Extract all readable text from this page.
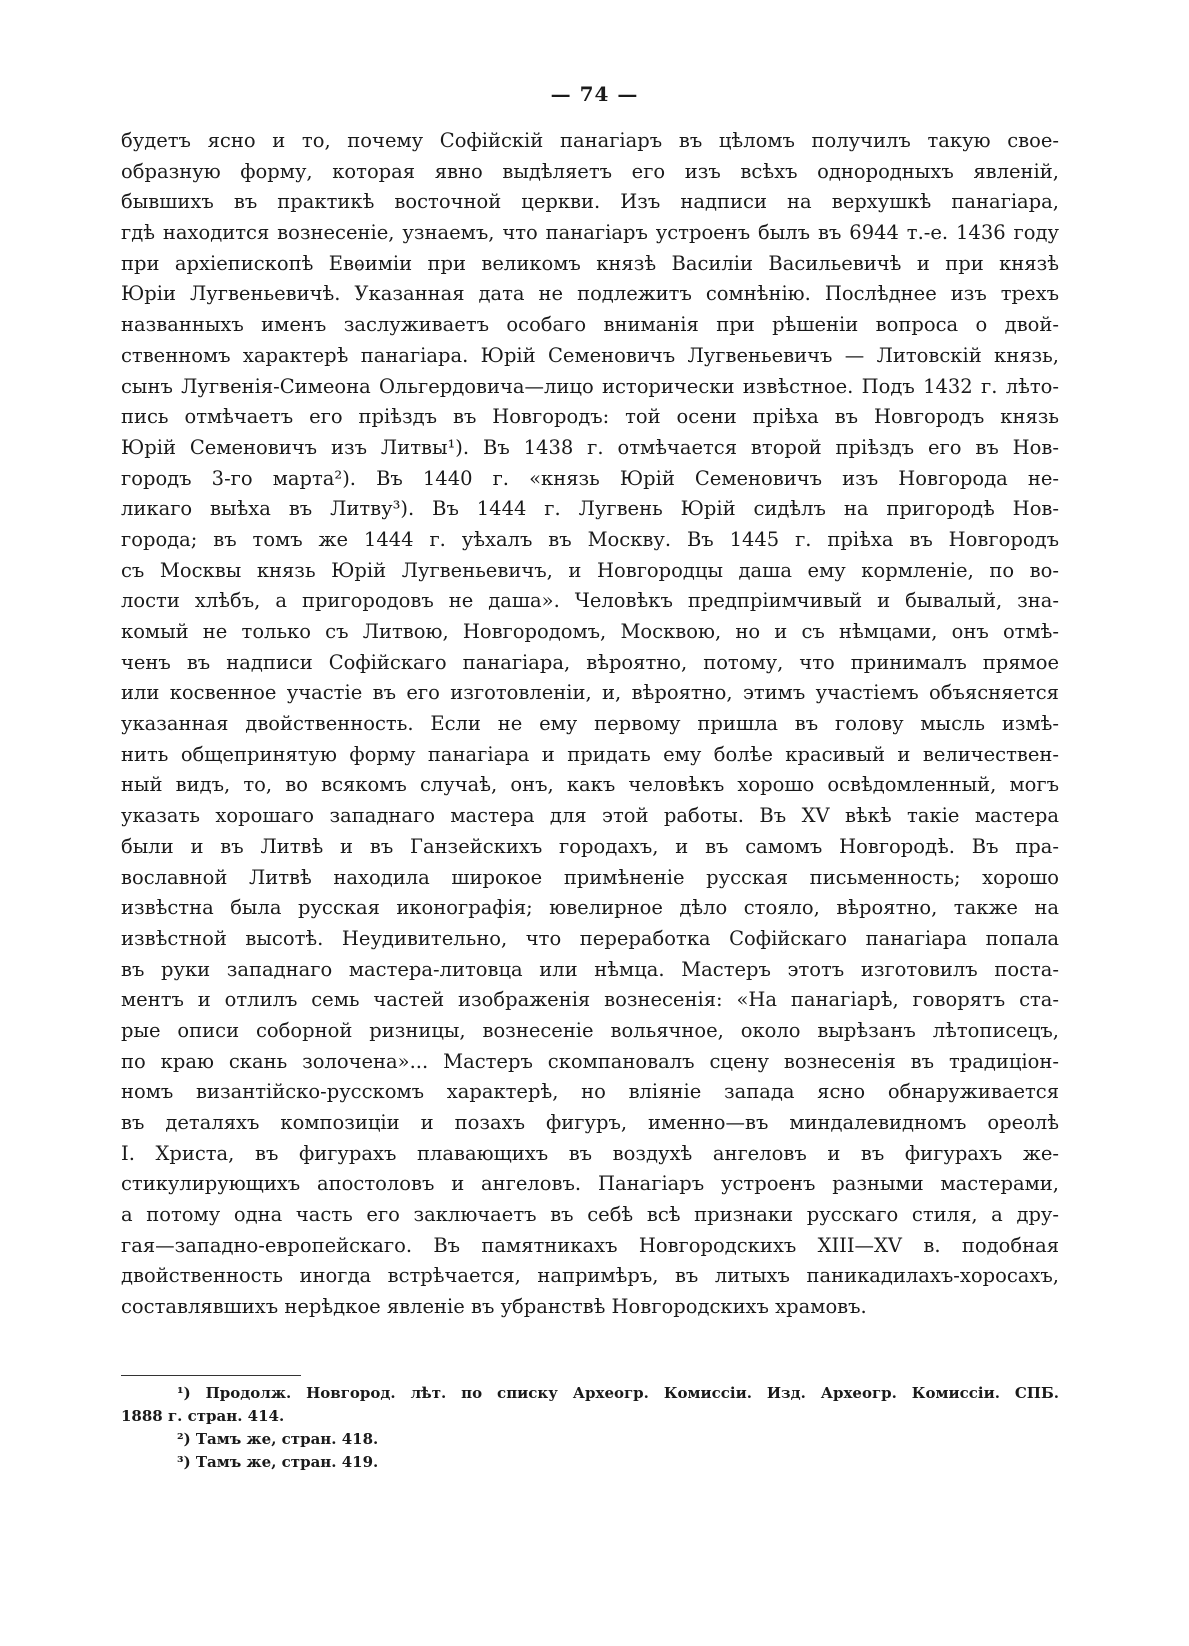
— 74 —
будетъ ясно и то, почему Софійскій панагіаръ въ цѣломъ получилъ такую свое-
образную форму, которая явно выдѣляетъ его изъ всѣхъ однородныхъ явленій,
бывшихъ въ практикѣ восточной церкви. Изъ надписи на верхушкѣ панагіара,
гдѣ находится вознесеніе, узнаемъ, что панагіаръ устроенъ былъ въ 6944 т.-е. 1436 году
при архіепископѣ Евѳиміи при великомъ князѣ Василіи Васильевичѣ и при князѣ
Юріи Лугвеньевичѣ. Указанная дата не подлежитъ сомнѣнію. Послѣднее изъ трехъ
названныхъ именъ заслуживаетъ особаго вниманія при рѣшеніи вопроса о двой-
ственномъ характерѣ панагіара. Юрій Семеновичъ Лугвеньевичъ — Литовскій князь,
сынъ Лугвенія-Симеона Ольгердовича—лицо исторически извѣстное. Подъ 1432 г. лѣто-
пись отмѣчаетъ его пріѣздъ въ Новгородъ: той осени пріѣха въ Новгородъ князь
Юрій Семеновичъ изъ Литвы¹). Въ 1438 г. отмѣчается второй пріѣздъ его въ Нов-
городъ 3-го марта²). Въ 1440 г. «князь Юрій Семеновичъ изъ Новгорода не-
ликаго выѣха въ Литву³). Въ 1444 г. Лугвень Юрій сидѣлъ на пригородѣ Нов-
города; въ томъ же 1444 г. уѣхалъ въ Москву. Въ 1445 г. пріѣха въ Новгородъ
съ Москвы князь Юрій Лугвеньевичъ, и Новгородцы даша ему кормленіе, по во-
лости хлѣбъ, а пригородовъ не даша». Человѣкъ предпріимчивый и бывалый, зна-
комый не только съ Литвою, Новгородомъ, Москвою, но и съ нѣмцами, онъ отмѣ-
ченъ въ надписи Софійскаго панагіара, вѣроятно, потому, что принималъ прямое
или косвенное участіе въ его изготовленіи, и, вѣроятно, этимъ участіемъ объясняется
указанная двойственность. Если не ему первому пришла въ голову мысль измѣ-
нить общепринятую форму панагіара и придать ему болѣе красивый и величествен-
ный видъ, то, во всякомъ случаѣ, онъ, какъ человѣкъ хорошо освѣдомленный, могъ
указать хорошаго западнаго мастера для этой работы. Въ XV вѣкѣ такіе мастера
были и въ Литвѣ и въ Ганзейскихъ городахъ, и въ самомъ Новгородѣ. Въ пра-
вославной Литвѣ находила широкое примѣненіе русская письменность; хорошо
извѣстна была русская иконографія; ювелирное дѣло стояло, вѣроятно, также на
извѣстной высотѣ. Неудивительно, что переработка Софійскаго панагіара попала
въ руки западнаго мастера-литовца или нѣмца. Мастеръ этотъ изготовилъ поста-
ментъ и отлилъ семь частей изображенія вознесенія: «На панагіарѣ, говорятъ ста-
рые описи соборной ризницы, вознесеніе вольячное, около вырѣзанъ лѣтописецъ,
по краю скань золочена»... Мастеръ скомпановалъ сцену вознесенія въ традиціон-
номъ византійско-русскомъ характерѣ, но вліяніе запада ясно обнаруживается
въ деталяхъ композиціи и позахъ фигуръ, именно—въ миндалевидномъ ореолѣ
І. Христа, въ фигурахъ плавающихъ въ воздухѣ ангеловъ и въ фигурахъ же-
стикулирующихъ апостоловъ и ангеловъ. Панагіаръ устроенъ разными мастерами,
а потому одна часть его заключаетъ въ себѣ всѣ признаки русскаго стиля, а дру-
гая—западно-европейскаго. Въ памятникахъ Новгородскихъ XIII—XV в. подобная
двойственность иногда встрѣчается, напримѣръ, въ литыхъ паникадилахъ-хоросахъ,
составлявшихъ нерѣдкое явленіе въ убранствѣ Новгородскихъ храмовъ.
¹) Продолж. Новгород. лѣт. по списку Археогр. Комиссіи. Изд. Археогр. Комиссіи. СПБ.
1888 г. стран. 414.
²) Тамъ же, стран. 418.
³) Тамъ же, стран. 419.
